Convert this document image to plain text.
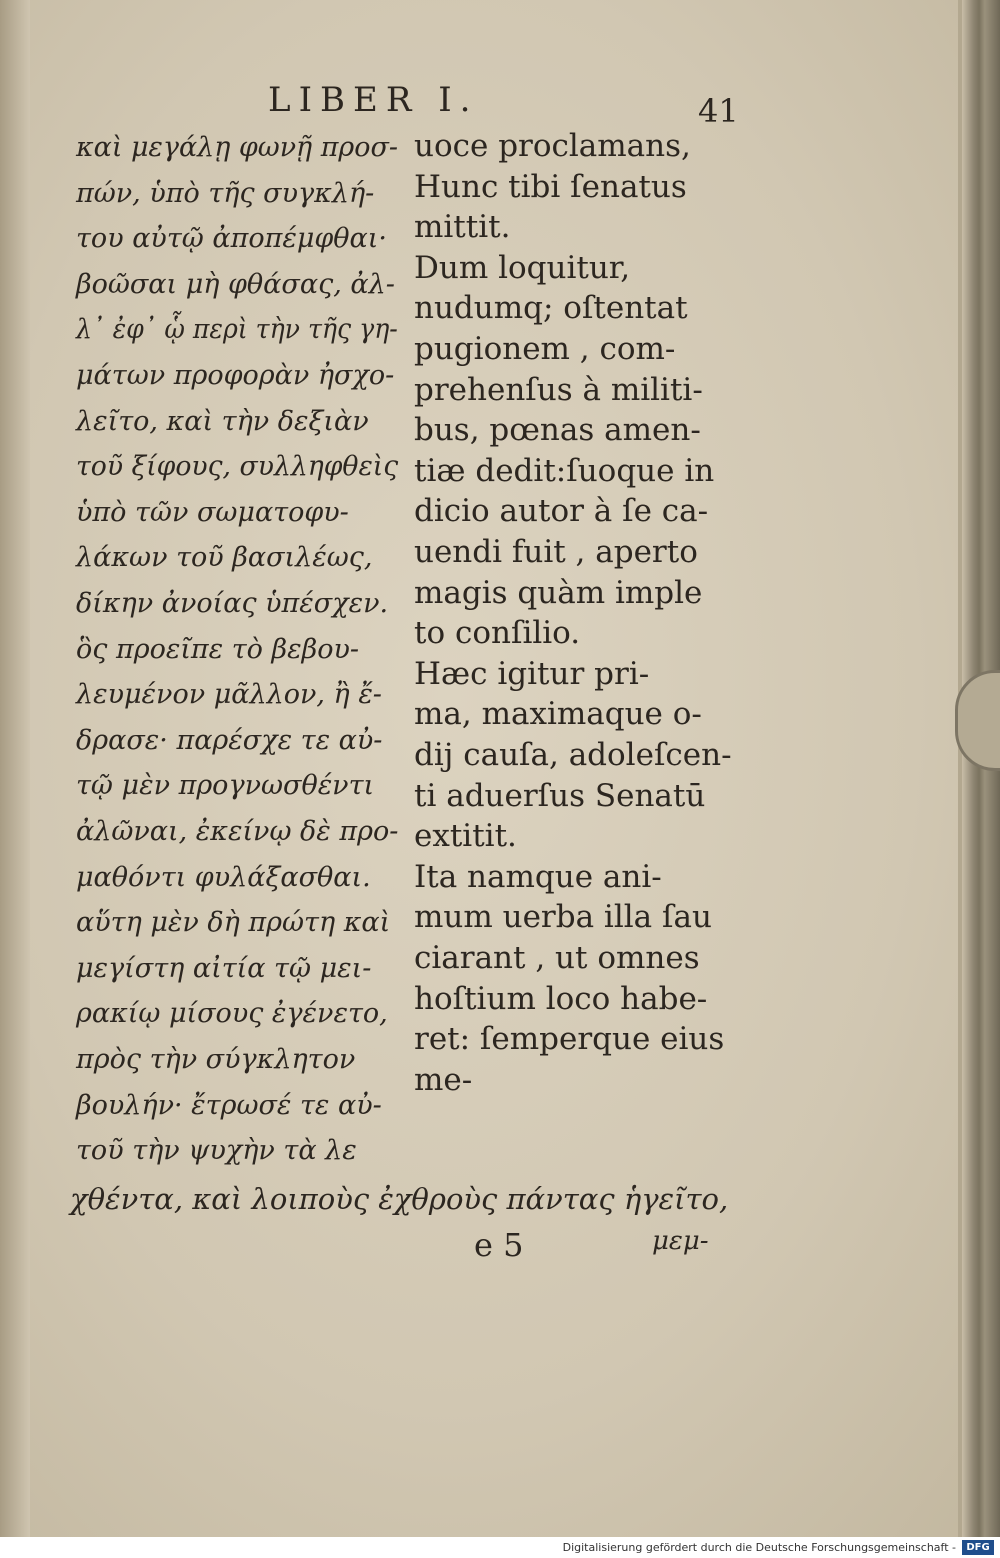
LIBER I.	41
καὶ μεγάλῃ φωνῇ προσ-
πών, ὑπὸ τῆς συγκλή-
του αὐτῷ ἀποπέμφθαι·
βοῶσαι μὴ φθάσας, ἀλ-
λ᾽ ἐφ᾽ ᾧ περὶ τὴν τῆς γη-
μάτων προφορὰν ἠσχο-
λεῖτο, καὶ τὴν δεξιὰν
τοῦ ξίφους, συλληφθεὶς
ὑπὸ τῶν σωματοφυ-
λάκων τοῦ βασιλέως,
δίκην ἀνοίας ὑπέσχεν.
ὃς προεῖπε τὸ βεβου-
λευμένον μᾶλλον, ἢ ἔ-
δρασε· παρέσχε τε αὐ-
τῷ μὲν προγνωσθέντι
ἀλῶναι, ἐκείνῳ δὲ προ-
μαθόντι φυλάξασθαι.
αὕτη μὲν δὴ πρώτη καὶ
μεγίστη αἰτία τῷ μει-
ρακίῳ μίσους ἐγένετο,
πρὸς τὴν σύγκλητον
βουλήν· ἔτρωσέ τε αὐ-
τοῦ τὴν ψυχὴν τὰ λε
uoce proclamans,
Hunc tibi ſenatus
mittit.
Dum loquitur,
nudumq; oſtentat
pugionem , com-
prehenſus à militi-
bus, pœnas amen-
tiæ dedit:ſuoque in
dicio autor à ſe ca-
uendi fuit , aperto
magis quàm imple
to conſilio.
Hæc igitur pri-
ma, maximaque o-
dij cauſa, adoleſcen-
ti aduerſus Senatū
extitit.
Ita namque ani-
mum uerba illa ſau
ciarant , ut omnes
hoſtium loco habe-
ret: ſemperque eius
me-
χθέντα, καὶ λοιποὺς ἐχθροὺς πάντας ἡγεῖτο,
e 5	μεμ-
Digitalisierung gefördert durch die Deutsche Forschungsgemeinschaft -	DFG
